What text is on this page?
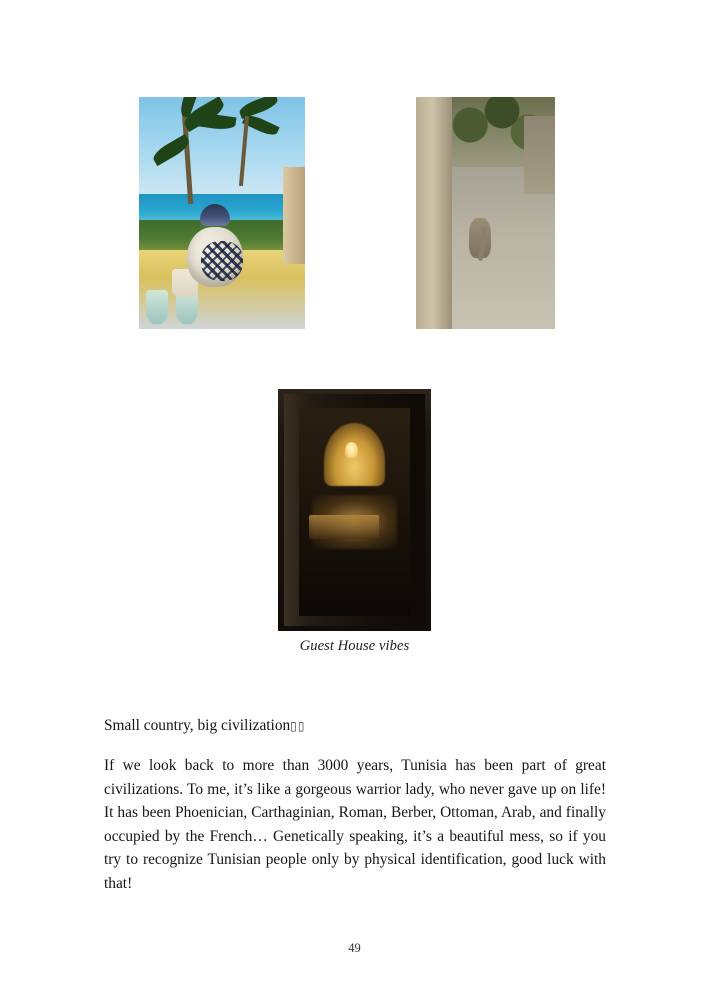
Guest House vibes

Small country, big civilization▯▯

If we look back to more than 3000 years, Tunisia has been part of great civilizations. To me, it’s like a gorgeous warrior lady, who never gave up on life! It has been Phoenician, Carthaginian, Roman, Berber, Ottoman, Arab, and finally occupied by the French… Genetically speaking, it’s a beautiful mess, so if you try to recognize Tunisian people only by physical identification, good luck with that!

49
